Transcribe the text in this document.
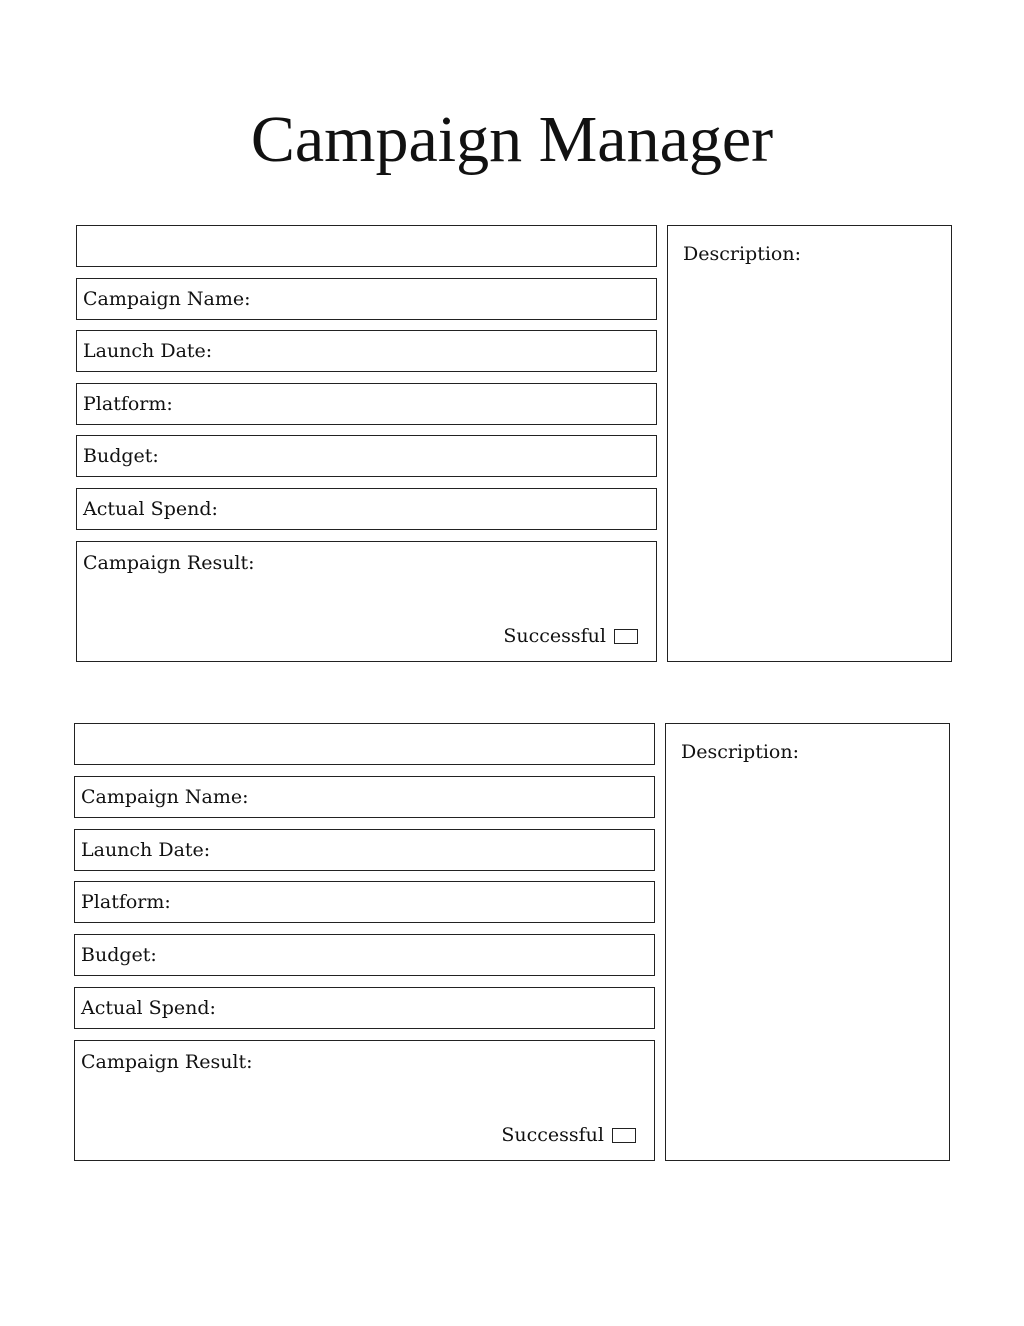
Campaign Manager
Campaign Name:
Launch Date:
Platform:
Budget:
Actual Spend:
Campaign Result:
Successful
Description:
Campaign Name:
Launch Date:
Platform:
Budget:
Actual Spend:
Campaign Result:
Successful
Description:
